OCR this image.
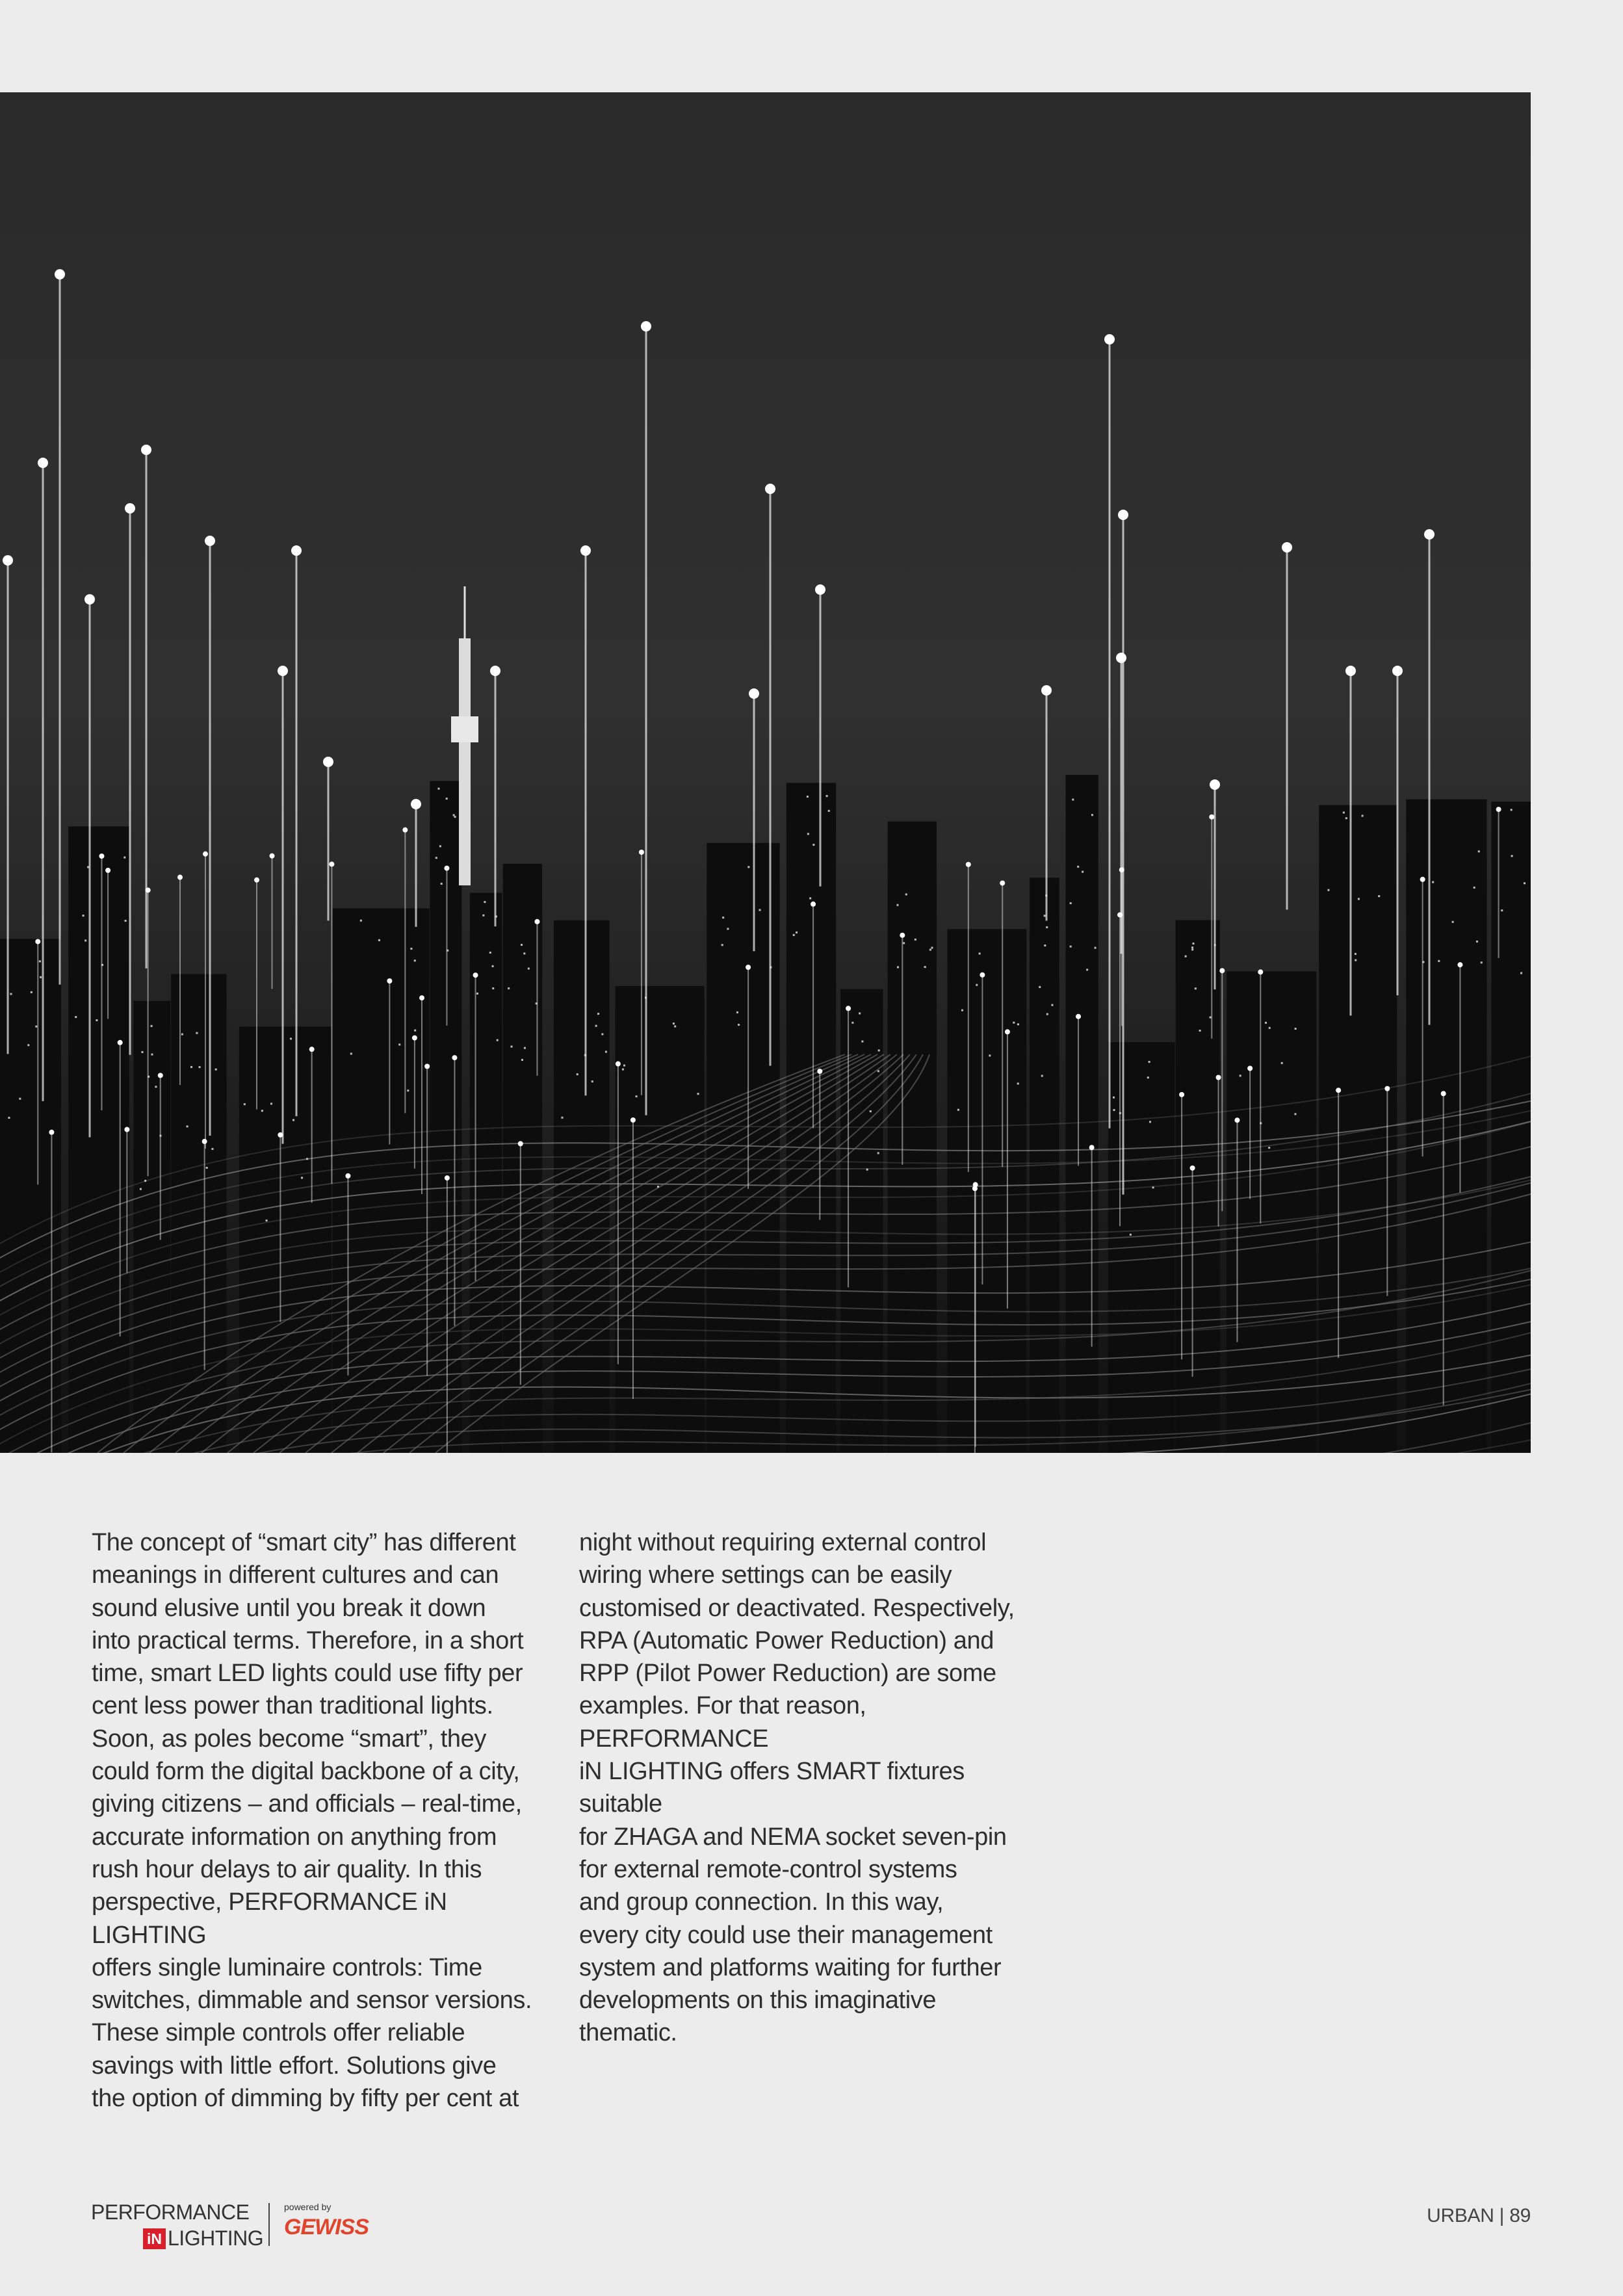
The concept of “smart city” has different
meanings in different cultures and can
sound elusive until you break it down
into practical terms. Therefore, in a short
time, smart LED lights could use fifty per
cent less power than traditional lights.
Soon, as poles become “smart”, they
could form the digital backbone of a city,
giving citizens – and officials – real-time,
accurate information on anything from
rush hour delays to air quality. In this
perspective, PERFORMANCE iN LIGHTING
offers single luminaire controls: Time
switches, dimmable and sensor versions.
These simple controls offer reliable
savings with little effort. Solutions give
the option of dimming by fifty per cent at

night without requiring external control
wiring where settings can be easily
customised or deactivated. Respectively,
RPA (Automatic Power Reduction) and
RPP (Pilot Power Reduction) are some
examples. For that reason, PERFORMANCE
iN LIGHTING offers SMART fixtures suitable
for ZHAGA and NEMA socket seven-pin
for external remote-control systems
and group connection. In this way,
every city could use their management
system and platforms waiting for further
developments on this imaginative
thematic.

PERFORMANCE
iN LIGHTING
powered by
GEWISS	URBAN | 89
